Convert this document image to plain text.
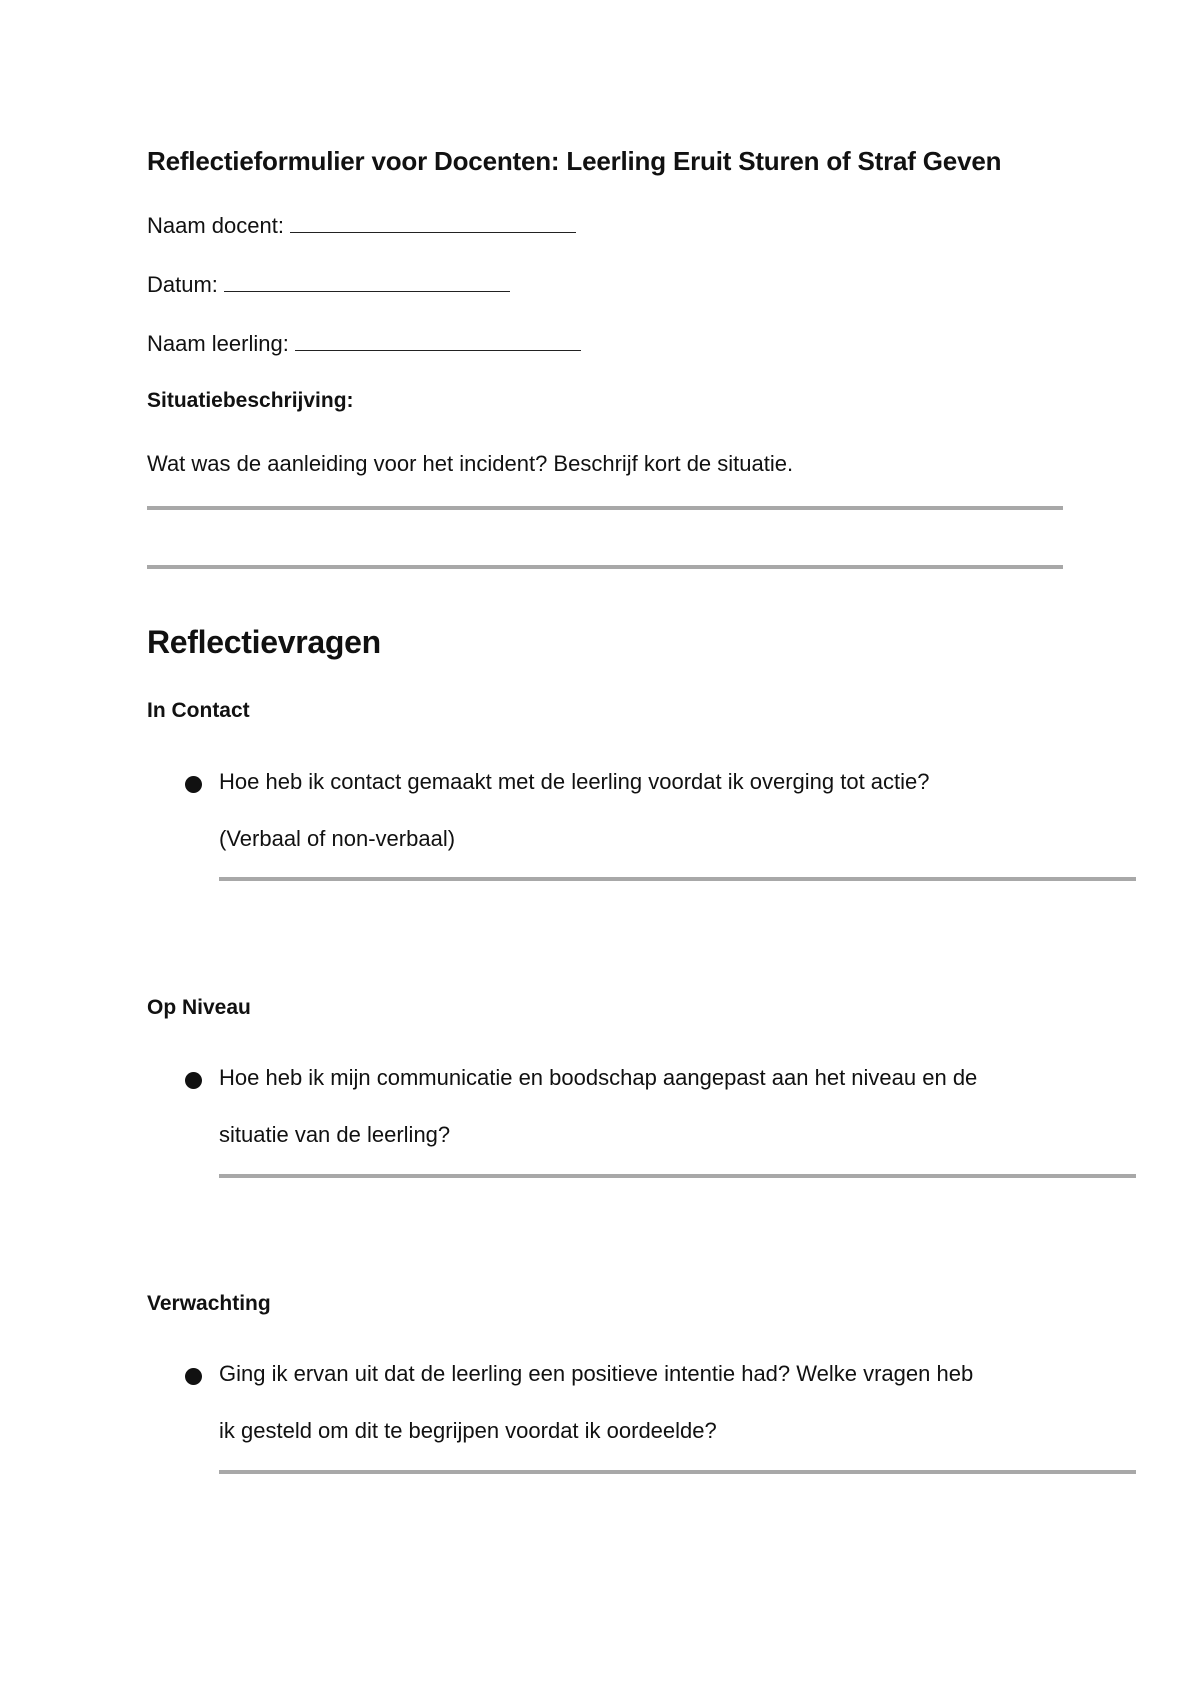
Reflectieformulier voor Docenten: Leerling Eruit Sturen of Straf Geven
Naam docent:
Datum:
Naam leerling:
Situatiebeschrijving:
Wat was de aanleiding voor het incident? Beschrijf kort de situatie.
Reflectievragen
In Contact
Hoe heb ik contact gemaakt met de leerling voordat ik overging tot actie?
(Verbaal of non-verbaal)
Op Niveau
Hoe heb ik mijn communicatie en boodschap aangepast aan het niveau en de
situatie van de leerling?
Verwachting
Ging ik ervan uit dat de leerling een positieve intentie had? Welke vragen heb
ik gesteld om dit te begrijpen voordat ik oordeelde?
